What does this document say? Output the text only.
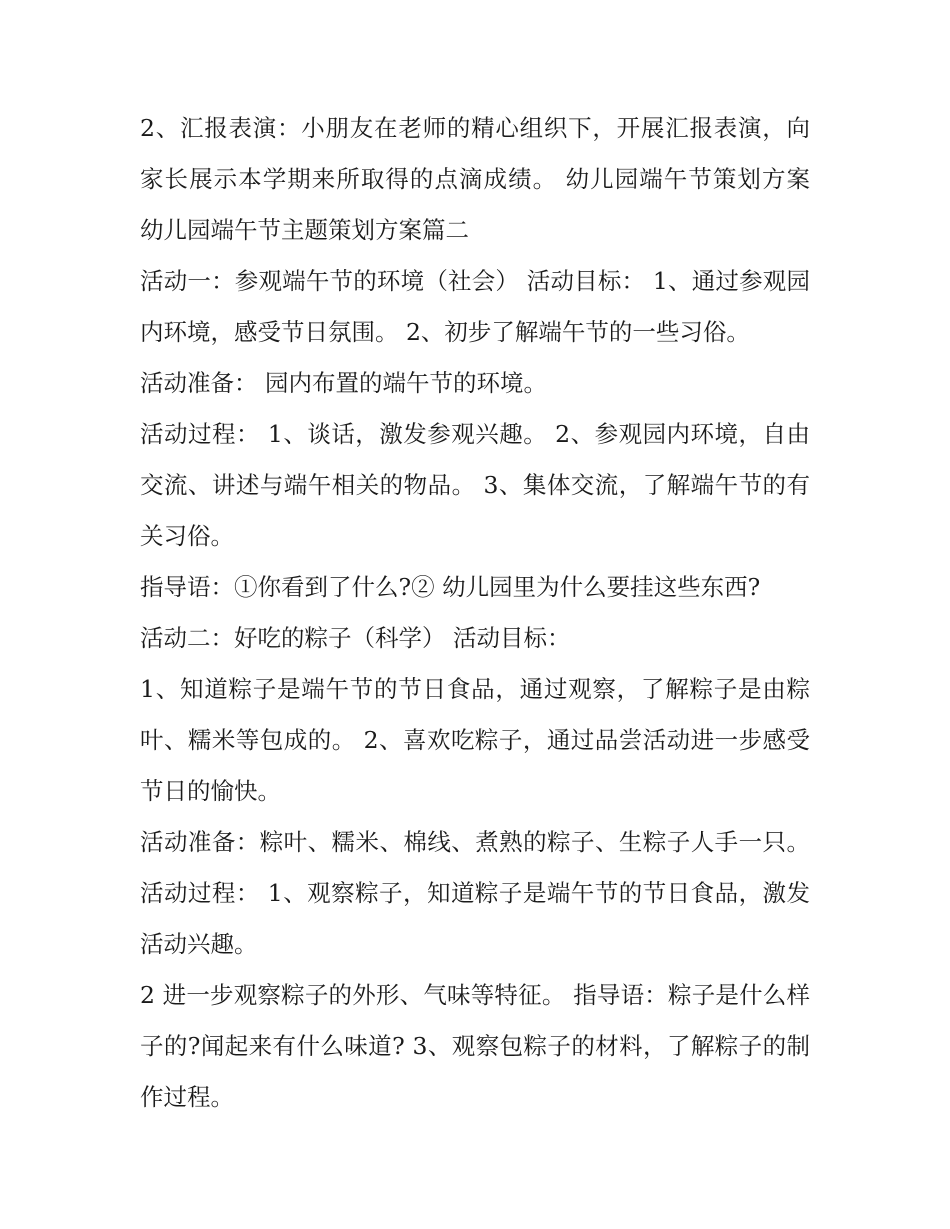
2、汇报表演：小朋友在老师的精心组织下，开展汇报表演，向家长展示本学期来所取得的点滴成绩。 幼儿园端午节策划方案 幼儿园端午节主题策划方案篇二

活动一：参观端午节的环境（社会） 活动目标： 1、通过参观园内环境，感受节日氛围。 2、初步了解端午节的一些习俗。

活动准备： 园内布置的端午节的环境。

活动过程： 1、谈话，激发参观兴趣。 2、参观园内环境，自由交流、讲述与端午相关的物品。 3、集体交流，了解端午节的有关习俗。

指导语：①你看到了什么?② 幼儿园里为什么要挂这些东西?

活动二：好吃的粽子（科学） 活动目标：

1、知道粽子是端午节的节日食品，通过观察，了解粽子是由粽叶、糯米等包成的。 2、喜欢吃粽子，通过品尝活动进一步感受节日的愉快。

活动准备：粽叶、糯米、棉线、煮熟的粽子、生粽子人手一只。 活动过程： 1、观察粽子，知道粽子是端午节的节日食品，激发活动兴趣。

2 进一步观察粽子的外形、气味等特征。 指导语：粽子是什么样子的?闻起来有什么味道? 3、观察包粽子的材料，了解粽子的制作过程。
